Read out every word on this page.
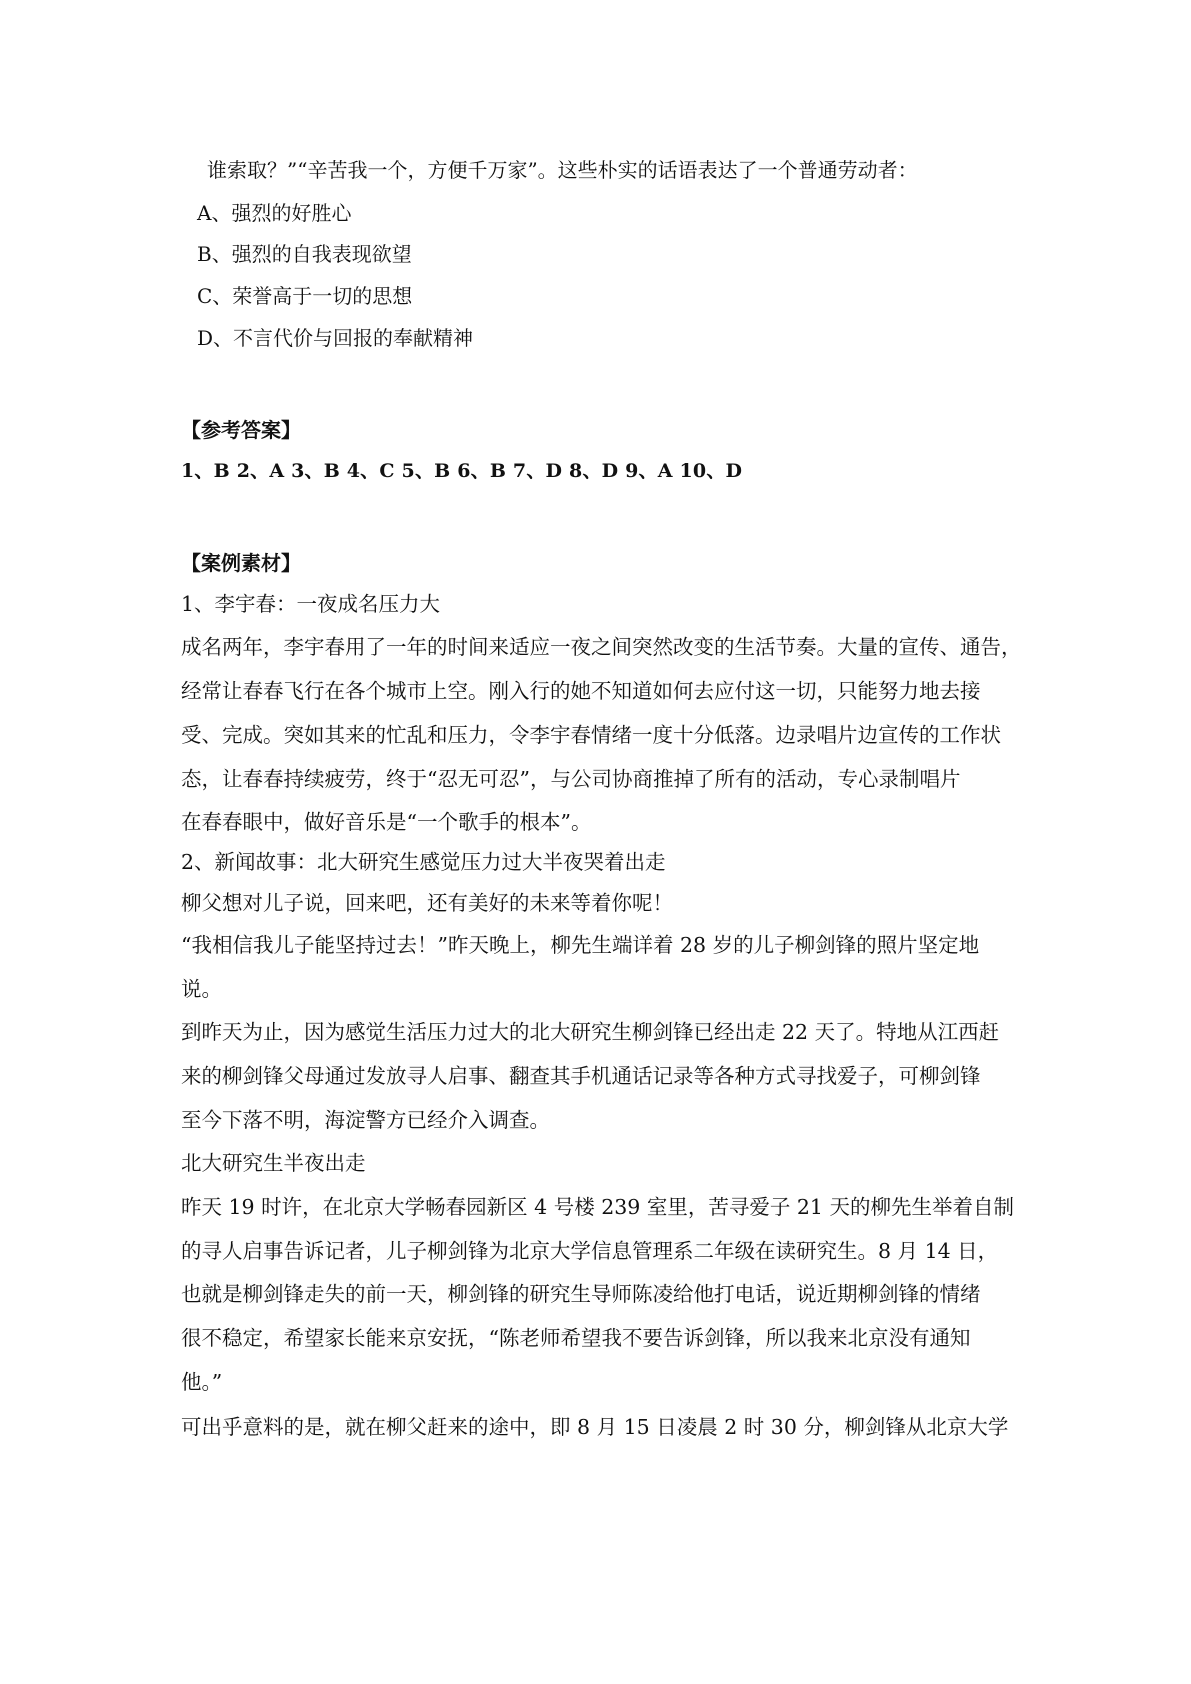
谁索取？”“辛苦我一个，方便千万家”。这些朴实的话语表达了一个普通劳动者：
A、强烈的好胜心
B、强烈的自我表现欲望
C、荣誉高于一切的思想
D、不言代价与回报的奉献精神
【参考答案】
1、B 2、A 3、B 4、C 5、B 6、B 7、D 8、D 9、A 10、D
【案例素材】
1、李宇春：一夜成名压力大
成名两年，李宇春用了一年的时间来适应一夜之间突然改变的生活节奏。大量的宣传、通告，
经常让春春飞行在各个城市上空。刚入行的她不知道如何去应付这一切，只能努力地去接
受、完成。突如其来的忙乱和压力，令李宇春情绪一度十分低落。边录唱片边宣传的工作状
态，让春春持续疲劳，终于“忍无可忍”，与公司协商推掉了所有的活动，专心录制唱片
在春春眼中，做好音乐是“一个歌手的根本”。
2、新闻故事：北大研究生感觉压力过大半夜哭着出走
柳父想对儿子说，回来吧，还有美好的未来等着你呢！
“我相信我儿子能坚持过去！”昨天晚上，柳先生端详着 28 岁的儿子柳剑锋的照片坚定地
说。
到昨天为止，因为感觉生活压力过大的北大研究生柳剑锋已经出走 22 天了。特地从江西赶
来的柳剑锋父母通过发放寻人启事、翻查其手机通话记录等各种方式寻找爱子，可柳剑锋
至今下落不明，海淀警方已经介入调查。
北大研究生半夜出走
昨天 19 时许，在北京大学畅春园新区 4 号楼 239 室里，苦寻爱子 21 天的柳先生举着自制
的寻人启事告诉记者，儿子柳剑锋为北京大学信息管理系二年级在读研究生。8 月 14 日，
也就是柳剑锋走失的前一天，柳剑锋的研究生导师陈凌给他打电话，说近期柳剑锋的情绪
很不稳定，希望家长能来京安抚，“陈老师希望我不要告诉剑锋，所以我来北京没有通知
他。”
可出乎意料的是，就在柳父赶来的途中，即 8 月 15 日凌晨 2 时 30 分，柳剑锋从北京大学
